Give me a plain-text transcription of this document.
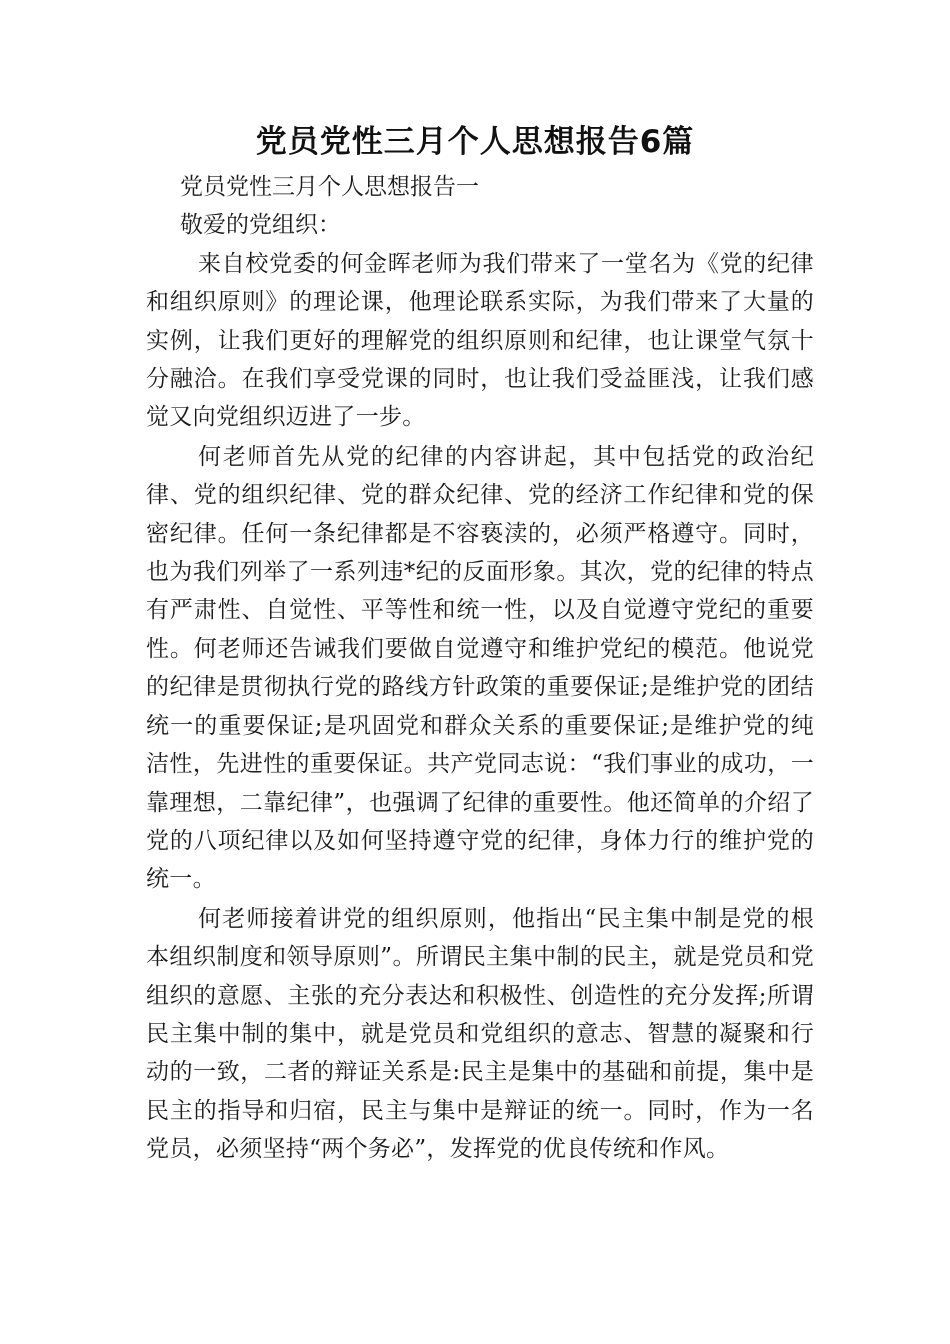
党员党性三月个人思想报告6篇

党员党性三月个人思想报告一

敬爱的党组织：

来自校党委的何金晖老师为我们带来了一堂名为《党的纪律和组织原则》的理论课，他理论联系实际，为我们带来了大量的实例，让我们更好的理解党的组织原则和纪律，也让课堂气氛十分融洽。在我们享受党课的同时，也让我们受益匪浅，让我们感觉又向党组织迈进了一步。

何老师首先从党的纪律的内容讲起，其中包括党的政治纪律、党的组织纪律、党的群众纪律、党的经济工作纪律和党的保密纪律。任何一条纪律都是不容亵渎的，必须严格遵守。同时，也为我们列举了一系列违*纪的反面形象。其次，党的纪律的特点有严肃性、自觉性、平等性和统一性，以及自觉遵守党纪的重要性。何老师还告诫我们要做自觉遵守和维护党纪的模范。他说党的纪律是贯彻执行党的路线方针政策的重要保证;是维护党的团结统一的重要保证;是巩固党和群众关系的重要保证;是维护党的纯洁性，先进性的重要保证。共产党同志说：“我们事业的成功，一靠理想，二靠纪律”，也强调了纪律的重要性。他还简单的介绍了党的八项纪律以及如何坚持遵守党的纪律，身体力行的维护党的统一。

何老师接着讲党的组织原则，他指出“民主集中制是党的根本组织制度和领导原则”。所谓民主集中制的民主，就是党员和党组织的意愿、主张的充分表达和积极性、创造性的充分发挥;所谓民主集中制的集中，就是党员和党组织的意志、智慧的凝聚和行动的一致，二者的辩证关系是:民主是集中的基础和前提，集中是民主的指导和归宿，民主与集中是辩证的统一。同时，作为一名党员，必须坚持“两个务必”，发挥党的优良传统和作风。
